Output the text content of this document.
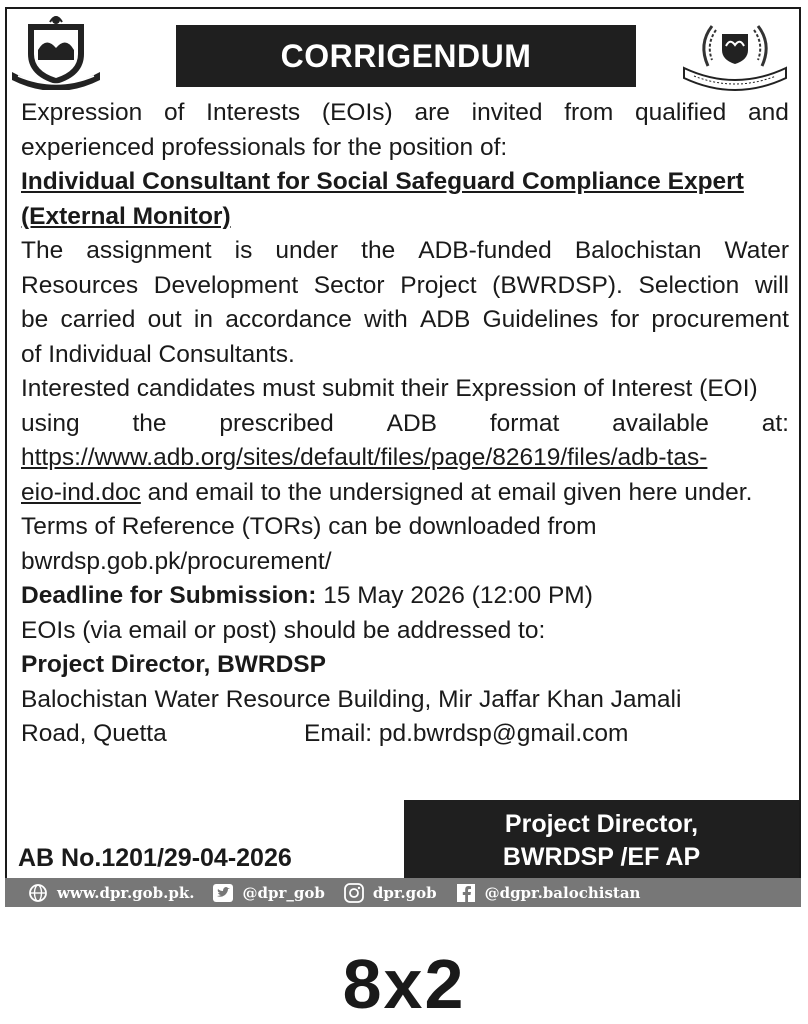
CORRIGENDUM
Expression of Interests (EOIs) are invited from qualified and
experienced professionals for the position of:
Individual Consultant for Social Safeguard Compliance Expert
(External Monitor)
The assignment is under the ADB-funded Balochistan Water
Resources Development Sector Project (BWRDSP). Selection will
be carried out in accordance with ADB Guidelines for procurement
of Individual Consultants.
Interested candidates must submit their Expression of Interest (EOI)
using the prescribed ADB format available at:
https://www.adb.org/sites/default/files/page/82619/files/adb-tas-
eio-ind.doc and email to the undersigned at email given here under.
Terms of Reference (TORs) can be downloaded from
bwrdsp.gob.pk/procurement/
Deadline for Submission: 15 May 2026 (12:00 PM)
EOIs (via email or post) should be addressed to:
Project Director, BWRDSP
Balochistan Water Resource Building, Mir Jaffar Khan Jamali
Road, Quetta	Email: pd.bwrdsp@gmail.com
AB No.1201/29-04-2026
Project Director,
BWRDSP /EF AP
www.dpr.gob.pk.	@dpr_gob	dpr.gob	@dgpr.balochistan
8x2
